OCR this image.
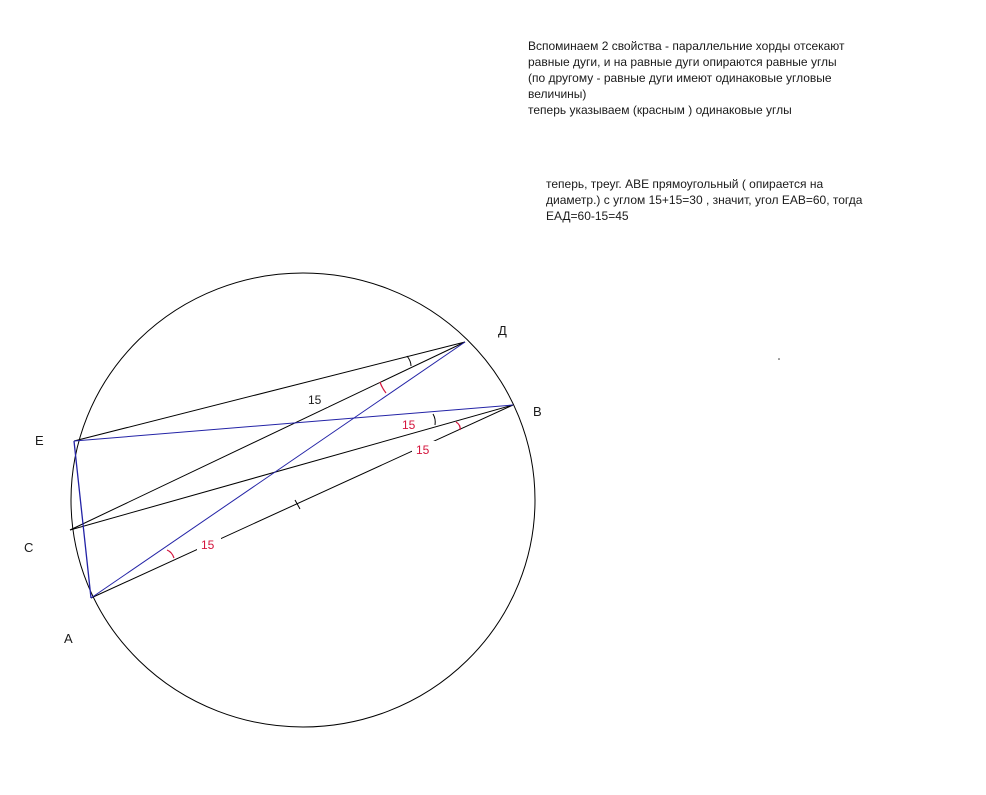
15
15
15
15
Д
В
Е
С
А
Вспоминаем 2 свойства - параллельние хорды отсекают
равные дуги, и на равные дуги опираются равные углы
(по другому - равные дуги имеют одинаковые угловые
величины)
теперь указываем (красным ) одинаковые углы
теперь, треуг. АВЕ прямоугольный ( опирается на
диаметр.) с углом 15+15=30 , значит, угол ЕАВ=60, тогда
ЕАД=60-15=45
